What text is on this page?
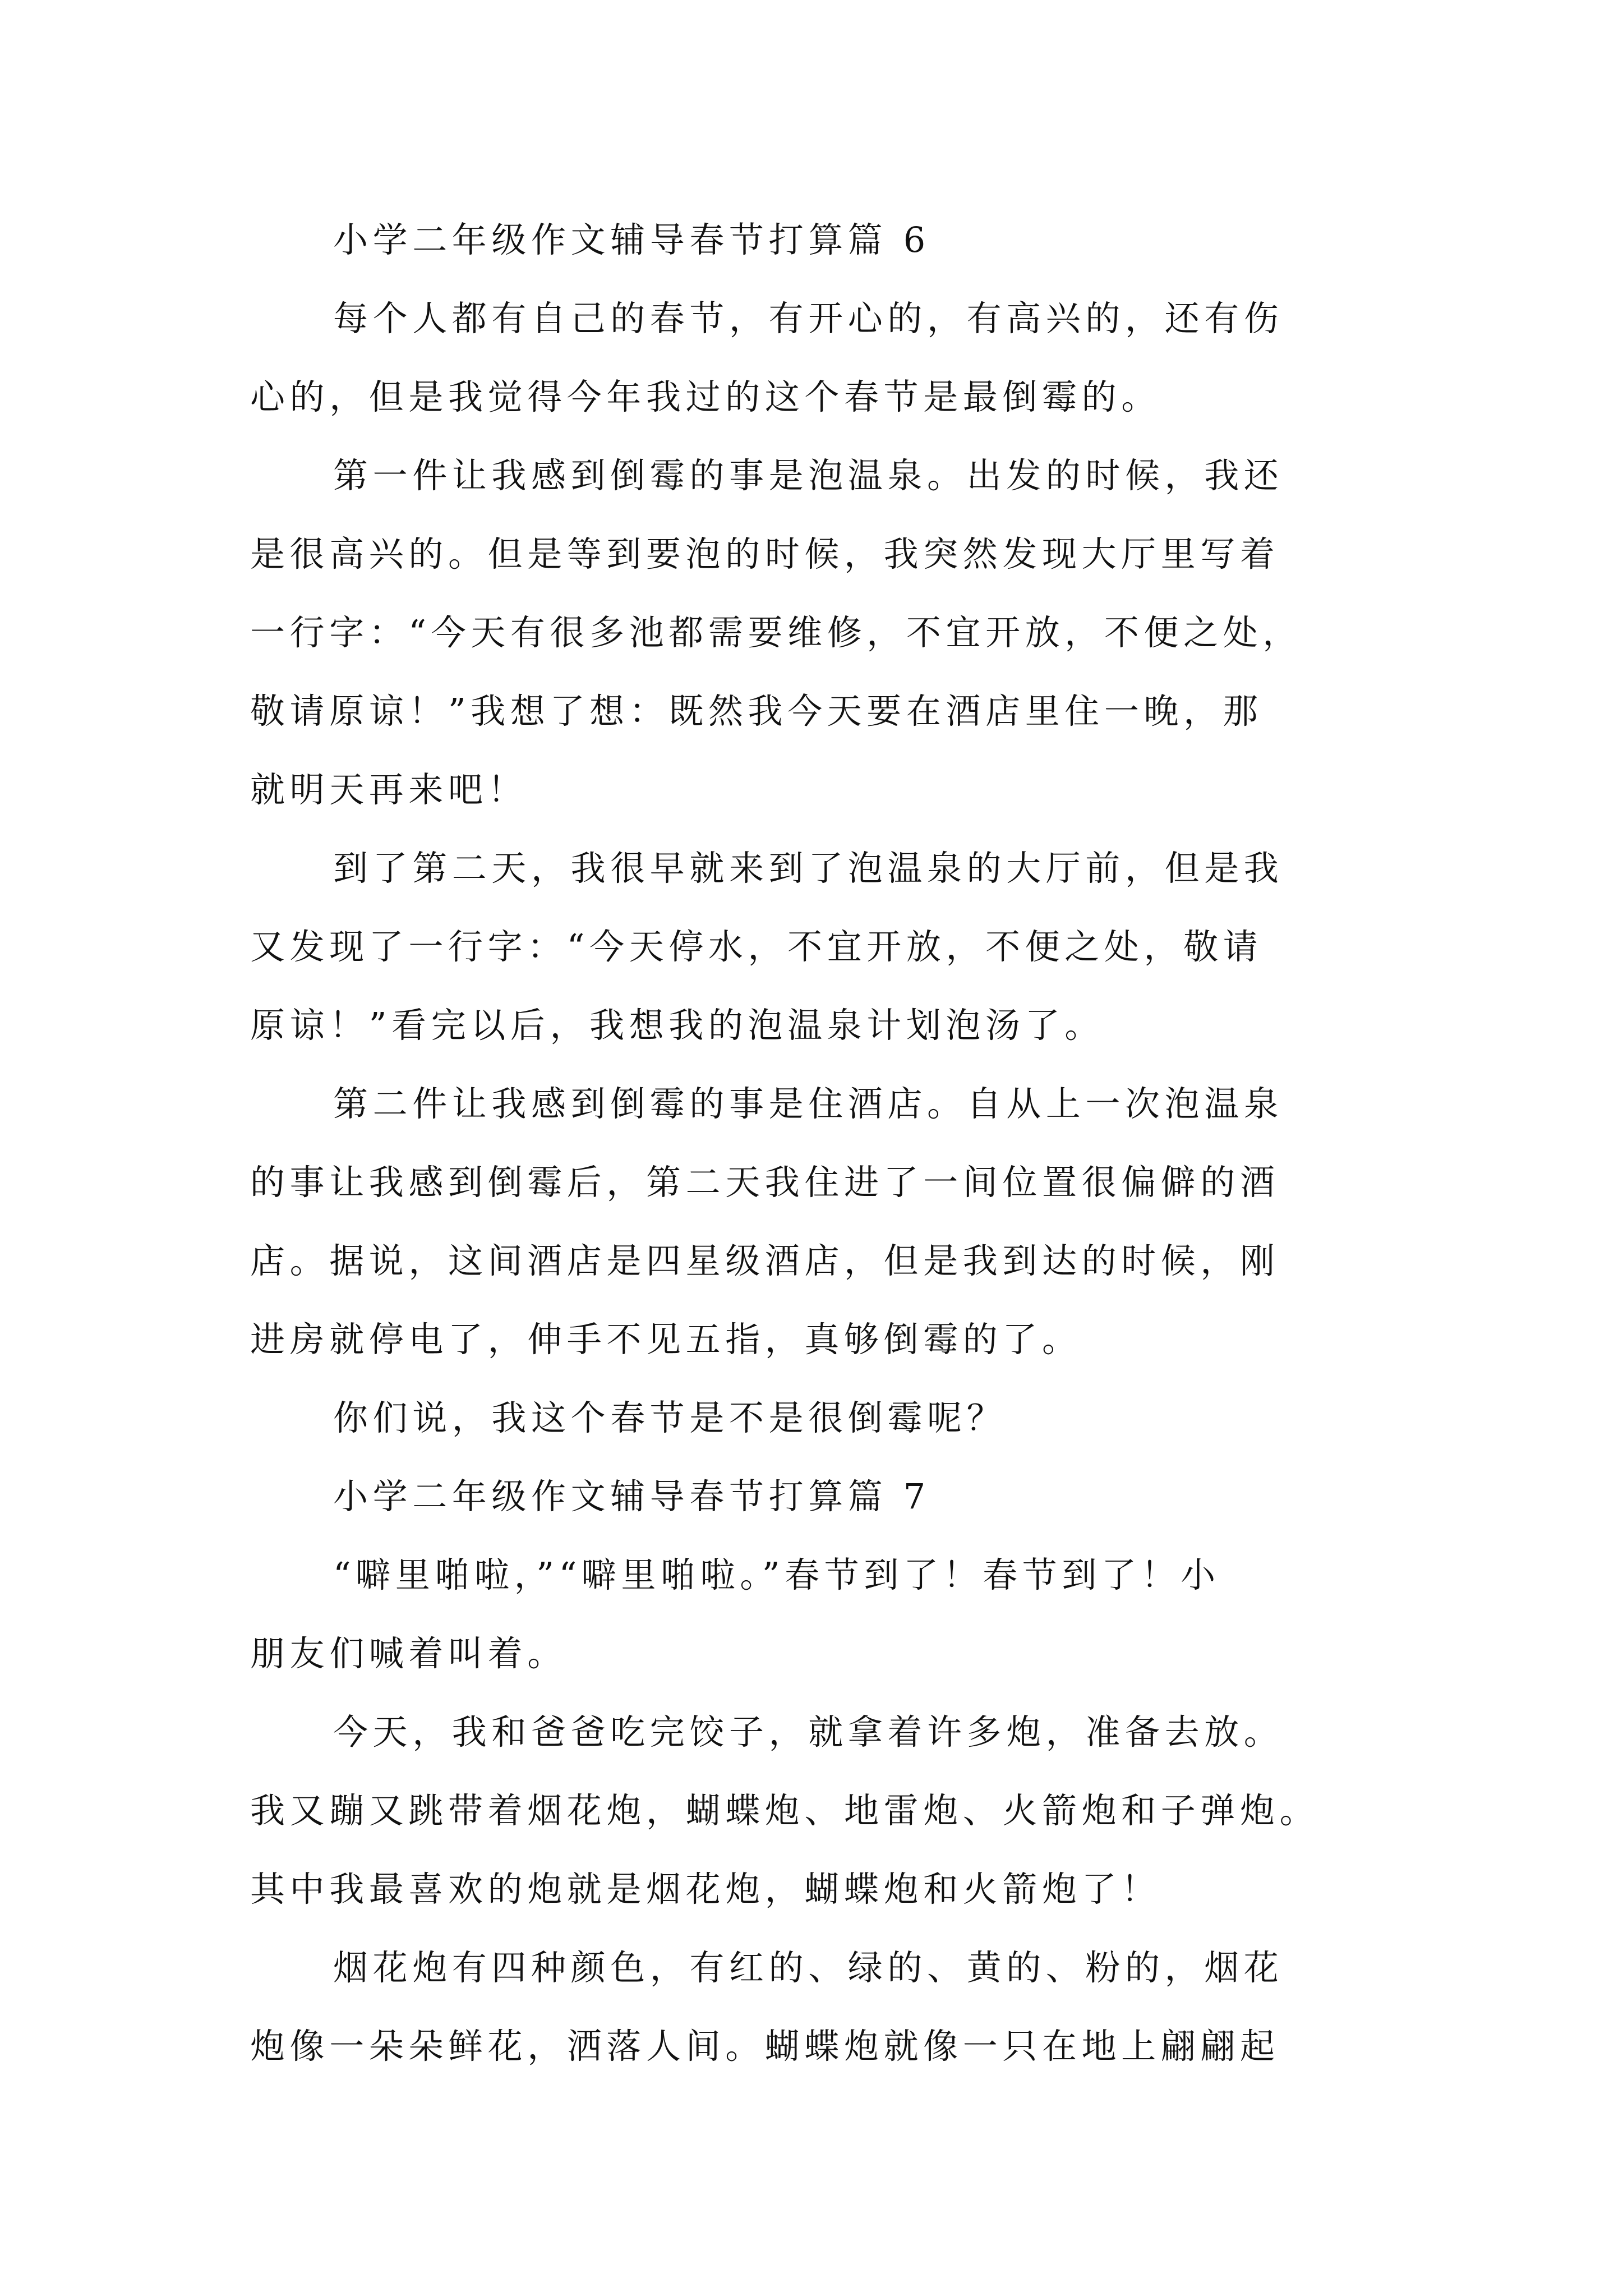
小学二年级作文辅导春节打算篇 6
每个人都有自己的春节，有开心的，有高兴的，还有伤
心的，但是我觉得今年我过的这个春节是最倒霉的。
第一件让我感到倒霉的事是泡温泉。出发的时候，我还
是很高兴的。但是等到要泡的时候，我突然发现大厅里写着
一行字：“今天有很多池都需要维修，不宜开放，不便之处，
敬请原谅！”我想了想：既然我今天要在酒店里住一晚，那
就明天再来吧！
到了第二天，我很早就来到了泡温泉的大厅前，但是我
又发现了一行字：“今天停水，不宜开放，不便之处，敬请
原谅！”看完以后，我想我的泡温泉计划泡汤了。
第二件让我感到倒霉的事是住酒店。自从上一次泡温泉
的事让我感到倒霉后，第二天我住进了一间位置很偏僻的酒
店。据说，这间酒店是四星级酒店，但是我到达的时候，刚
进房就停电了，伸手不见五指，真够倒霉的了。
你们说，我这个春节是不是很倒霉呢？
小学二年级作文辅导春节打算篇 7
“噼里啪啦，”“噼里啪啦。”春节到了！春节到了！小
朋友们喊着叫着。
今天，我和爸爸吃完饺子，就拿着许多炮，准备去放。
我又蹦又跳带着烟花炮，蝴蝶炮、地雷炮、火箭炮和子弹炮。
其中我最喜欢的炮就是烟花炮，蝴蝶炮和火箭炮了！
烟花炮有四种颜色，有红的、绿的、黄的、粉的，烟花
炮像一朵朵鲜花，洒落人间。蝴蝶炮就像一只在地上翩翩起
